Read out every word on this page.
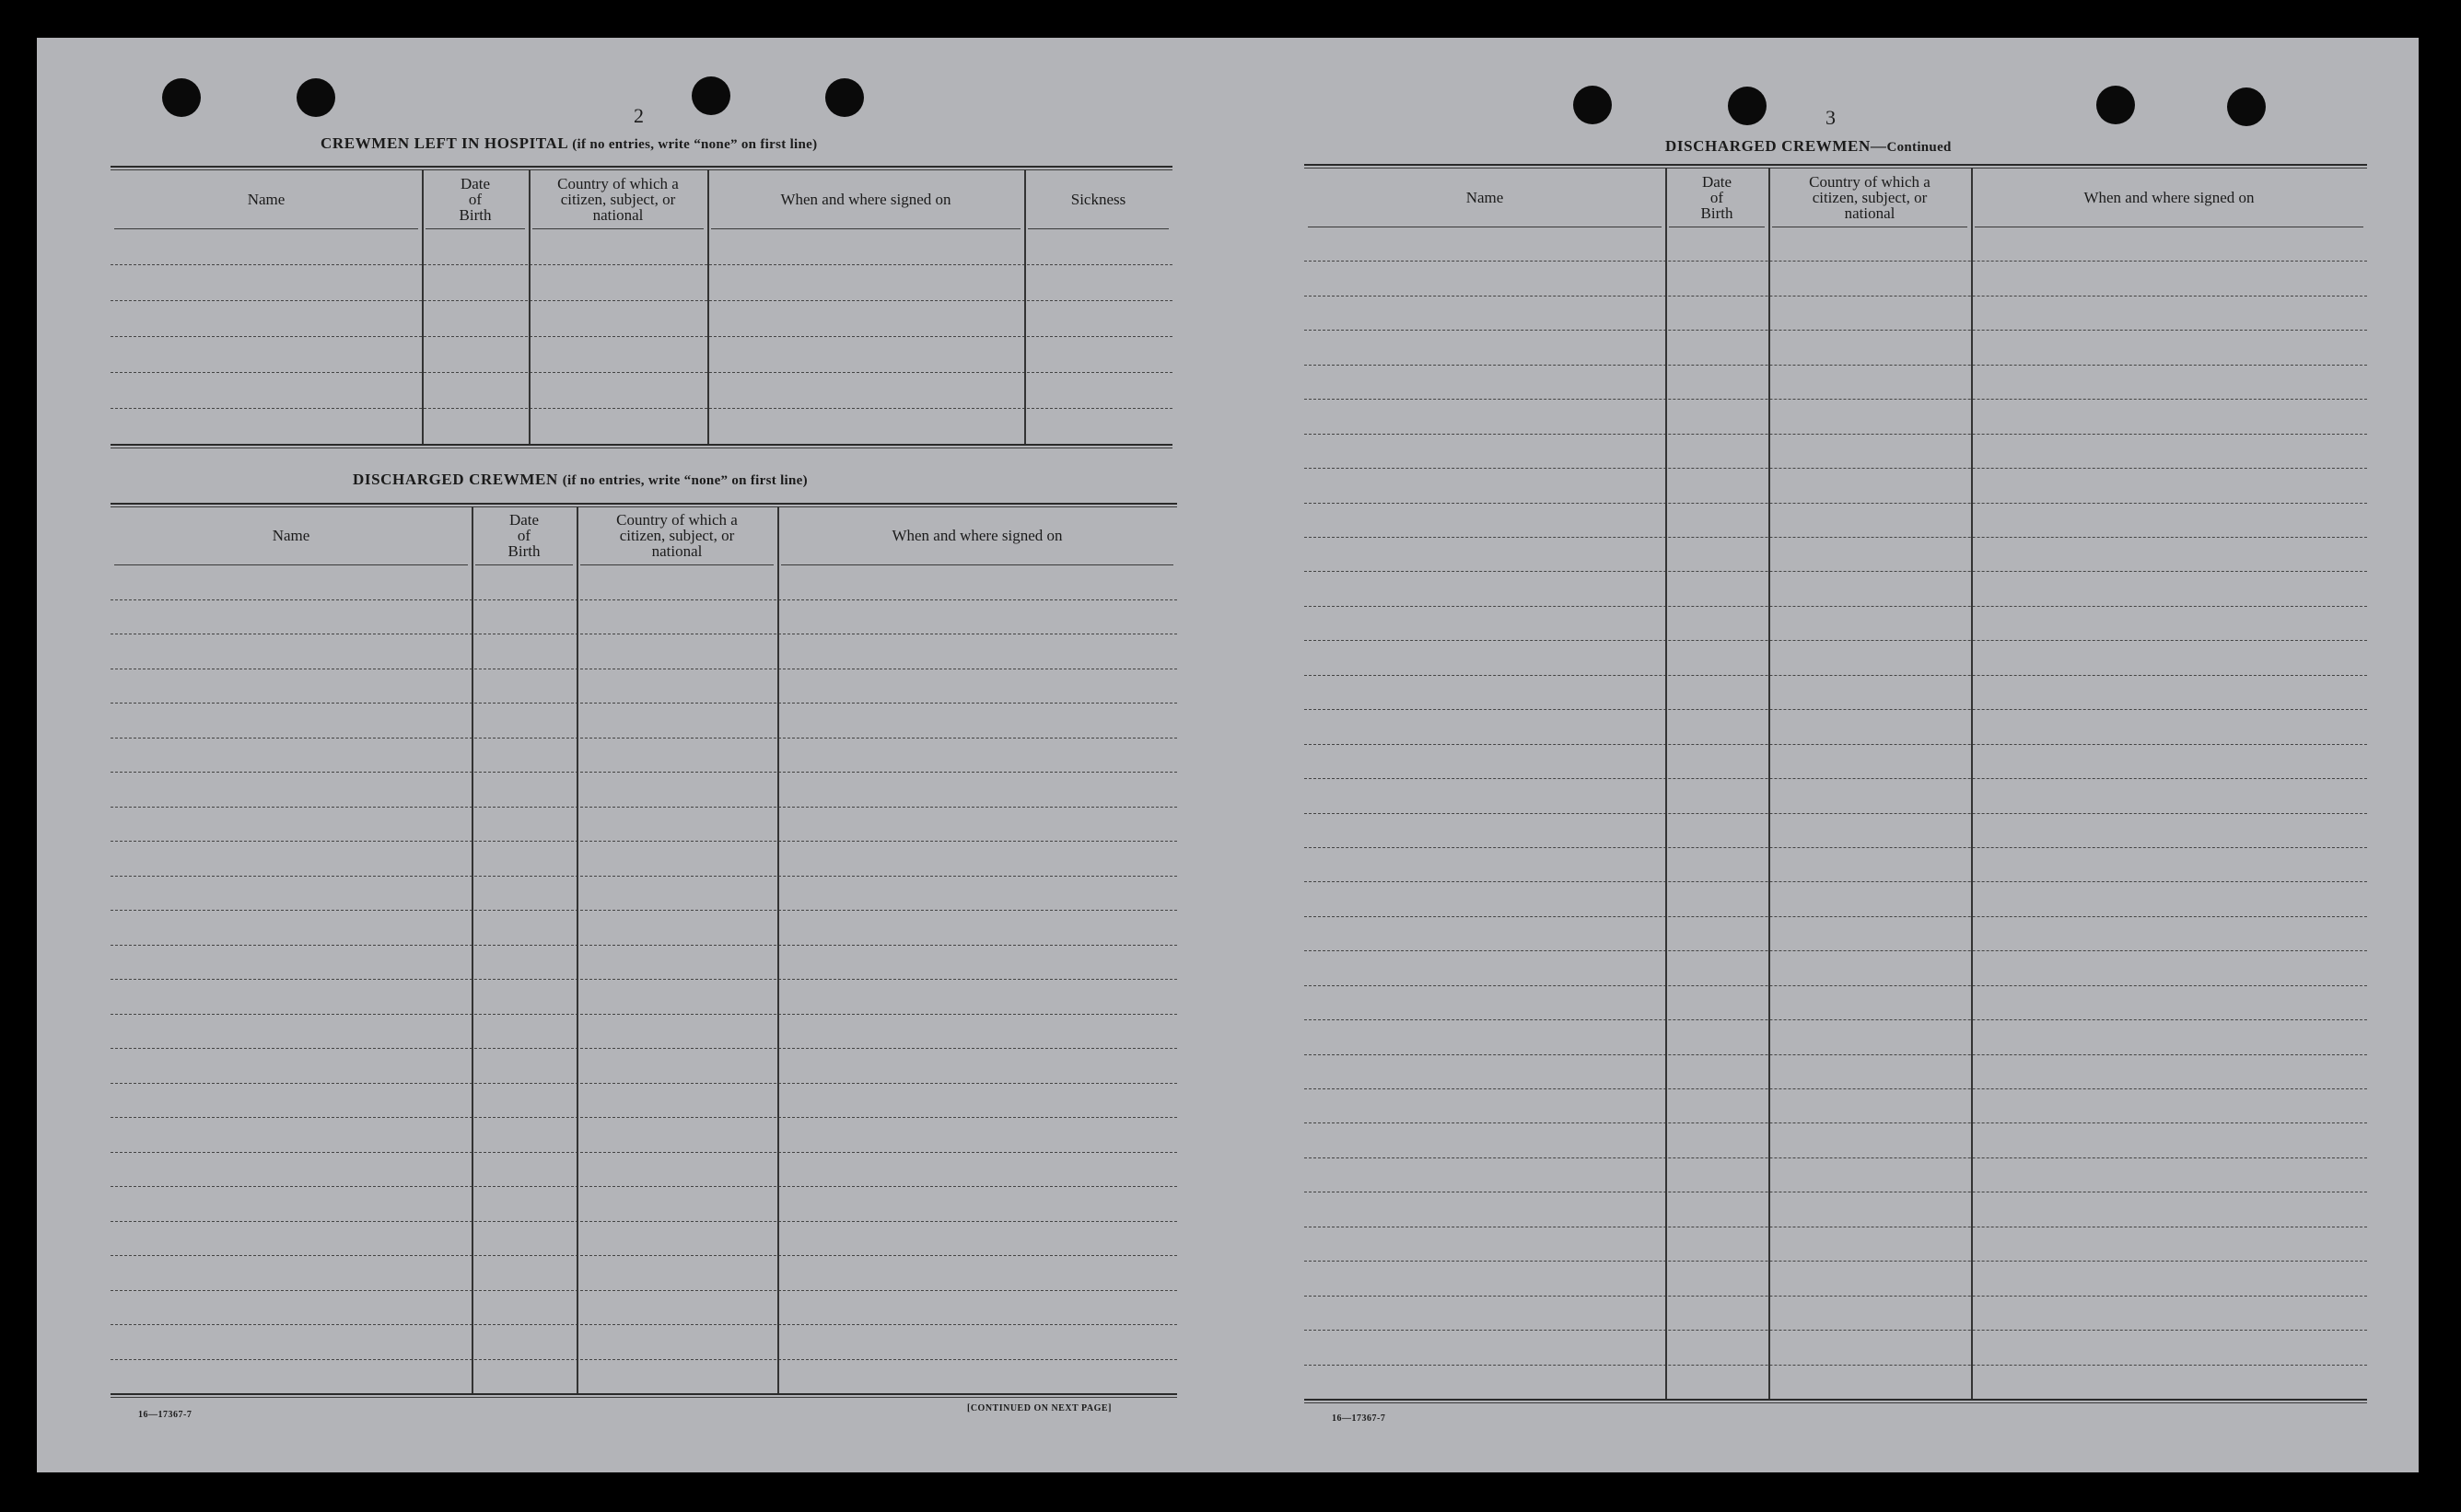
2
CREWMEN LEFT IN HOSPITAL (if no entries, write “none” on first line)
DISCHARGED CREWMEN (if no entries, write “none” on first line)
16—17367-7
[CONTINUED ON NEXT PAGE]
3
DISCHARGED CREWMEN—Continued
16—17367-7
Name
Date
of
Birth
Country of which a
citizen, subject, or
national
When and where signed on	Sickness
Name
Date
of
Birth
Country of which a
citizen, subject, or
national
When and where signed on
Name
Date
of
Birth
Country of which a
citizen, subject, or
national
When and where signed on
